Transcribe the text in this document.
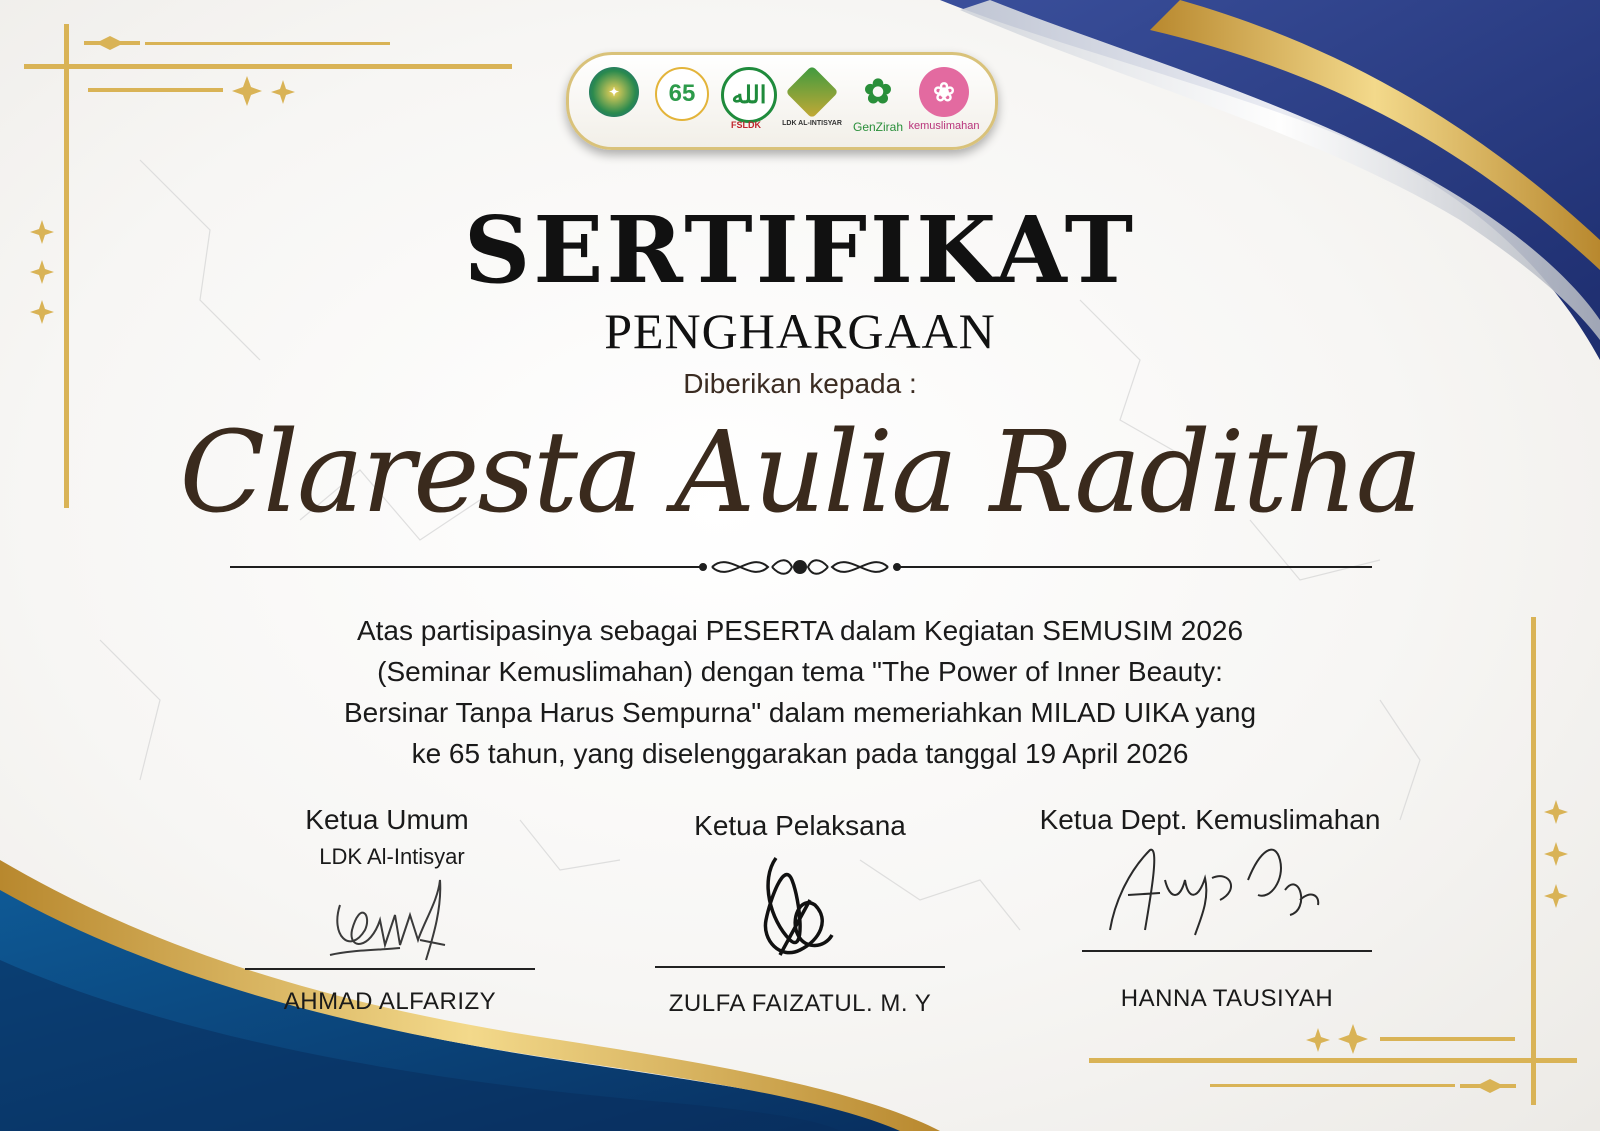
✦	65	الله
FSLDK	LDK AL-INTISYAR
✿
GenZirah
❀
kemuslimahan
SERTIFIKAT
PENGHARGAAN
Diberikan kepada :
Claresta Aulia Raditha
Atas partisipasinya sebagai PESERTA dalam Kegiatan SEMUSIM 2026
(Seminar Kemuslimahan) dengan tema "The Power of Inner Beauty:
Bersinar Tanpa Harus Sempurna" dalam memeriahkan MILAD UIKA yang
ke 65 tahun, yang diselenggarakan pada tanggal 19 April 2026
Ketua Umum
LDK Al-Intisyar
AHMAD ALFARIZY
Ketua Pelaksana
ZULFA FAIZATUL. M. Y
Ketua Dept. Kemuslimahan
HANNA TAUSIYAH
